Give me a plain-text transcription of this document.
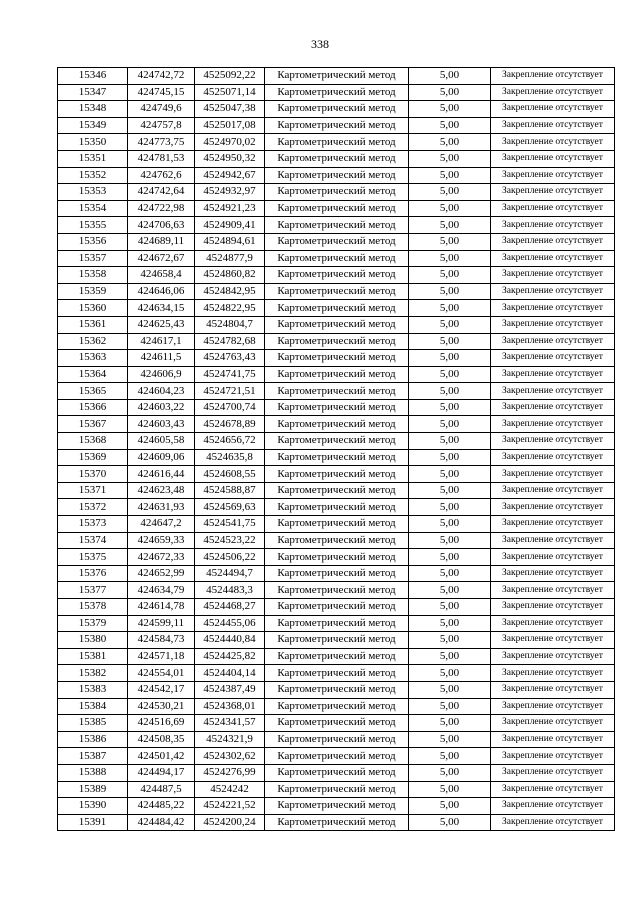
338
15346	424742,72	4525092,22	Картометрический метод	5,00	Закрепление отсутствует
15347	424745,15	4525071,14	Картометрический метод	5,00	Закрепление отсутствует
15348	424749,6	4525047,38	Картометрический метод	5,00	Закрепление отсутствует
15349	424757,8	4525017,08	Картометрический метод	5,00	Закрепление отсутствует
15350	424773,75	4524970,02	Картометрический метод	5,00	Закрепление отсутствует
15351	424781,53	4524950,32	Картометрический метод	5,00	Закрепление отсутствует
15352	424762,6	4524942,67	Картометрический метод	5,00	Закрепление отсутствует
15353	424742,64	4524932,97	Картометрический метод	5,00	Закрепление отсутствует
15354	424722,98	4524921,23	Картометрический метод	5,00	Закрепление отсутствует
15355	424706,63	4524909,41	Картометрический метод	5,00	Закрепление отсутствует
15356	424689,11	4524894,61	Картометрический метод	5,00	Закрепление отсутствует
15357	424672,67	4524877,9	Картометрический метод	5,00	Закрепление отсутствует
15358	424658,4	4524860,82	Картометрический метод	5,00	Закрепление отсутствует
15359	424646,06	4524842,95	Картометрический метод	5,00	Закрепление отсутствует
15360	424634,15	4524822,95	Картометрический метод	5,00	Закрепление отсутствует
15361	424625,43	4524804,7	Картометрический метод	5,00	Закрепление отсутствует
15362	424617,1	4524782,68	Картометрический метод	5,00	Закрепление отсутствует
15363	424611,5	4524763,43	Картометрический метод	5,00	Закрепление отсутствует
15364	424606,9	4524741,75	Картометрический метод	5,00	Закрепление отсутствует
15365	424604,23	4524721,51	Картометрический метод	5,00	Закрепление отсутствует
15366	424603,22	4524700,74	Картометрический метод	5,00	Закрепление отсутствует
15367	424603,43	4524678,89	Картометрический метод	5,00	Закрепление отсутствует
15368	424605,58	4524656,72	Картометрический метод	5,00	Закрепление отсутствует
15369	424609,06	4524635,8	Картометрический метод	5,00	Закрепление отсутствует
15370	424616,44	4524608,55	Картометрический метод	5,00	Закрепление отсутствует
15371	424623,48	4524588,87	Картометрический метод	5,00	Закрепление отсутствует
15372	424631,93	4524569,63	Картометрический метод	5,00	Закрепление отсутствует
15373	424647,2	4524541,75	Картометрический метод	5,00	Закрепление отсутствует
15374	424659,33	4524523,22	Картометрический метод	5,00	Закрепление отсутствует
15375	424672,33	4524506,22	Картометрический метод	5,00	Закрепление отсутствует
15376	424652,99	4524494,7	Картометрический метод	5,00	Закрепление отсутствует
15377	424634,79	4524483,3	Картометрический метод	5,00	Закрепление отсутствует
15378	424614,78	4524468,27	Картометрический метод	5,00	Закрепление отсутствует
15379	424599,11	4524455,06	Картометрический метод	5,00	Закрепление отсутствует
15380	424584,73	4524440,84	Картометрический метод	5,00	Закрепление отсутствует
15381	424571,18	4524425,82	Картометрический метод	5,00	Закрепление отсутствует
15382	424554,01	4524404,14	Картометрический метод	5,00	Закрепление отсутствует
15383	424542,17	4524387,49	Картометрический метод	5,00	Закрепление отсутствует
15384	424530,21	4524368,01	Картометрический метод	5,00	Закрепление отсутствует
15385	424516,69	4524341,57	Картометрический метод	5,00	Закрепление отсутствует
15386	424508,35	4524321,9	Картометрический метод	5,00	Закрепление отсутствует
15387	424501,42	4524302,62	Картометрический метод	5,00	Закрепление отсутствует
15388	424494,17	4524276,99	Картометрический метод	5,00	Закрепление отсутствует
15389	424487,5	4524242	Картометрический метод	5,00	Закрепление отсутствует
15390	424485,22	4524221,52	Картометрический метод	5,00	Закрепление отсутствует
15391	424484,42	4524200,24	Картометрический метод	5,00	Закрепление отсутствует
